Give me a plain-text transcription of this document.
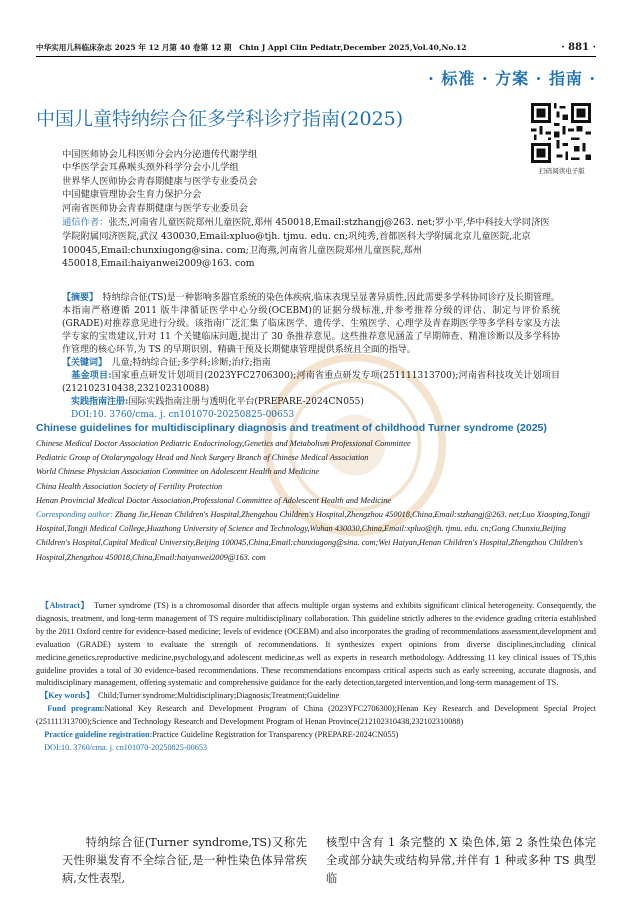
中华实用儿科临床杂志 2025 年 12 月第 40 卷第 12 期　Chin J Appl Clin Pediatr,December 2025,Vol.40,No.12	· 881 ·
· 标准 · 方案 · 指南 ·
中国儿童特纳综合征多学科诊疗指南(2025)
扫码阅读电子版
中国医师协会儿科医师分会内分泌遗传代谢学组
中华医学会耳鼻喉头颈外科学分会小儿学组
世界华人医师协会青春期健康与医学专业委员会
中国健康管理协会生育力保护分会
河南省医师协会青春期健康与医学专业委员会
通信作者：张杰,河南省儿童医院郑州儿童医院,郑州 450018,Email:stzhangj@263. net;罗小平,华中科技大学同济医学院附属同济医院,武汉 430030,Email:xpluo@tjh. tjmu. edu. cn;巩纯秀,首都医科大学附属北京儿童医院,北京 100045,Email:chunxiugong@sina. com;卫海燕,河南省儿童医院郑州儿童医院,郑州 450018,Email:haiyanwei2009@163. com

【摘要】　特纳综合征(TS)是一种影响多器官系统的染色体疾病,临床表现呈显著异质性,因此需要多学科协同诊疗及长期管理。本指南严格遵循 2011 版牛津循证医学中心分级(OCEBM)的证据分级标准,并参考推荐分级的评估、制定与评价系统(GRADE)对推荐意见进行分级。该指南广泛汇集了临床医学、遗传学、生殖医学、心理学及青春期医学等多学科专家及方法学专家的宝贵建议,针对 11 个关键临床问题,提出了 30 条推荐意见。这些推荐意见涵盖了早期筛查、精准诊断以及多学科协作管理的核心环节,为 TS 的早期识别、精确干预及长期健康管理提供系统且全面的指导。

【关键词】　儿童;特纳综合征;多学科;诊断;治疗;指南

　基金项目:国家重点研发计划项目(2023YFC2706300);河南省重点研发专项(251111313700);河南省科技攻关计划项目(212102310438,232102310088)

　实践指南注册:国际实践指南注册与透明化平台(PREPARE-2024CN055)

　DOI:10. 3760/cma. j. cn101070-20250825-00653

Chinese guidelines for multidisciplinary diagnosis and treatment of childhood Turner syndrome (2025)
Chinese Medical Doctor Association Pediatric Endocrinology,Genetics and Metabolism Professional Committee
Pediatric Group of Otolaryngology Head and Neck Surgery Branch of Chinese Medical Association
World Chinese Physician Association Committee on Adolescent Health and Medicine
China Health Association Society of Fertility Protection
Henan Provincial Medical Doctor Association,Professional Committee of Adolescent Health and Medicine
Corresponding author: Zhang Jie,Henan Children's Hospital,Zhengzhou Children's Hospital,Zhengzhou 450018,China,Email:stzhangj@263. net;Luo Xiaoping,Tongji Hospital,Tongji Medical College,Huazhong University of Science and Technology,Wuhan 430030,China,Email:xpluo@tjh. tjmu. edu. cn;Gong Chunxiu,Beijing Children's Hospital,Capital Medical University,Beijing 100045,China,Email:chunxiugong@sina. com;Wei Haiyan,Henan Children's Hospital,Zhengzhou Children's Hospital,Zhengzhou 450018,China,Email:haiyanwei2009@163. com

　【Abstract】　Turner syndrome (TS) is a chromosomal disorder that affects multiple organ systems and exhibits significant clinical heterogeneity. Consequently, the diagnosis, treatment, and long-term management of TS require multidisciplinary collaboration. This guideline strictly adheres to the evidence grading criteria established by the 2011 Oxford centre for evidence-based medicine; levels of evidence (OCEBM) and also incorporates the grading of recommendations assessment,development and evaluation (GRADE) system to evaluate the strength of recommendations. It synthesizes expert opinions from diverse disciplines,including clinical medicine,genetics,reproductive medicine,psychology,and adolescent medicine,as well as experts in research methodology. Addressing 11 key clinical issues of TS,this guideline provides a total of 30 evidence-based recommendations. These recommendations encompass critical aspects such as early screening, accurate diagnosis, and multidisciplinary management, offering systematic and comprehensive guidance for the early detection,targeted intervention,and long-term management of TS.

　【Key words】　Child;Turner syndrome;Multidisciplinary;Diagnosis;Treatment;Guideline

　Fund program:National Key Research and Development Program of China (2023YFC2706300);Henan Key Research and Development Special Project (251111313700);Science and Technology Research and Development Program of Henan Province(212102310438,232102310088)

　Practice guideline registration:Practice Guideline Registration for Transparency (PREPARE-2024CN055)

　DOI:10. 3760/cma. j. cn101070-20250825-00653

　　特纳综合征(Turner syndrome,TS)又称先天性卵巢发育不全综合征,是一种性染色体异常疾病,女性表型,
核型中含有 1 条完整的 X 染色体,第 2 条性染色体完全或部分缺失或结构异常,并伴有 1 种或多种 TS 典型临
